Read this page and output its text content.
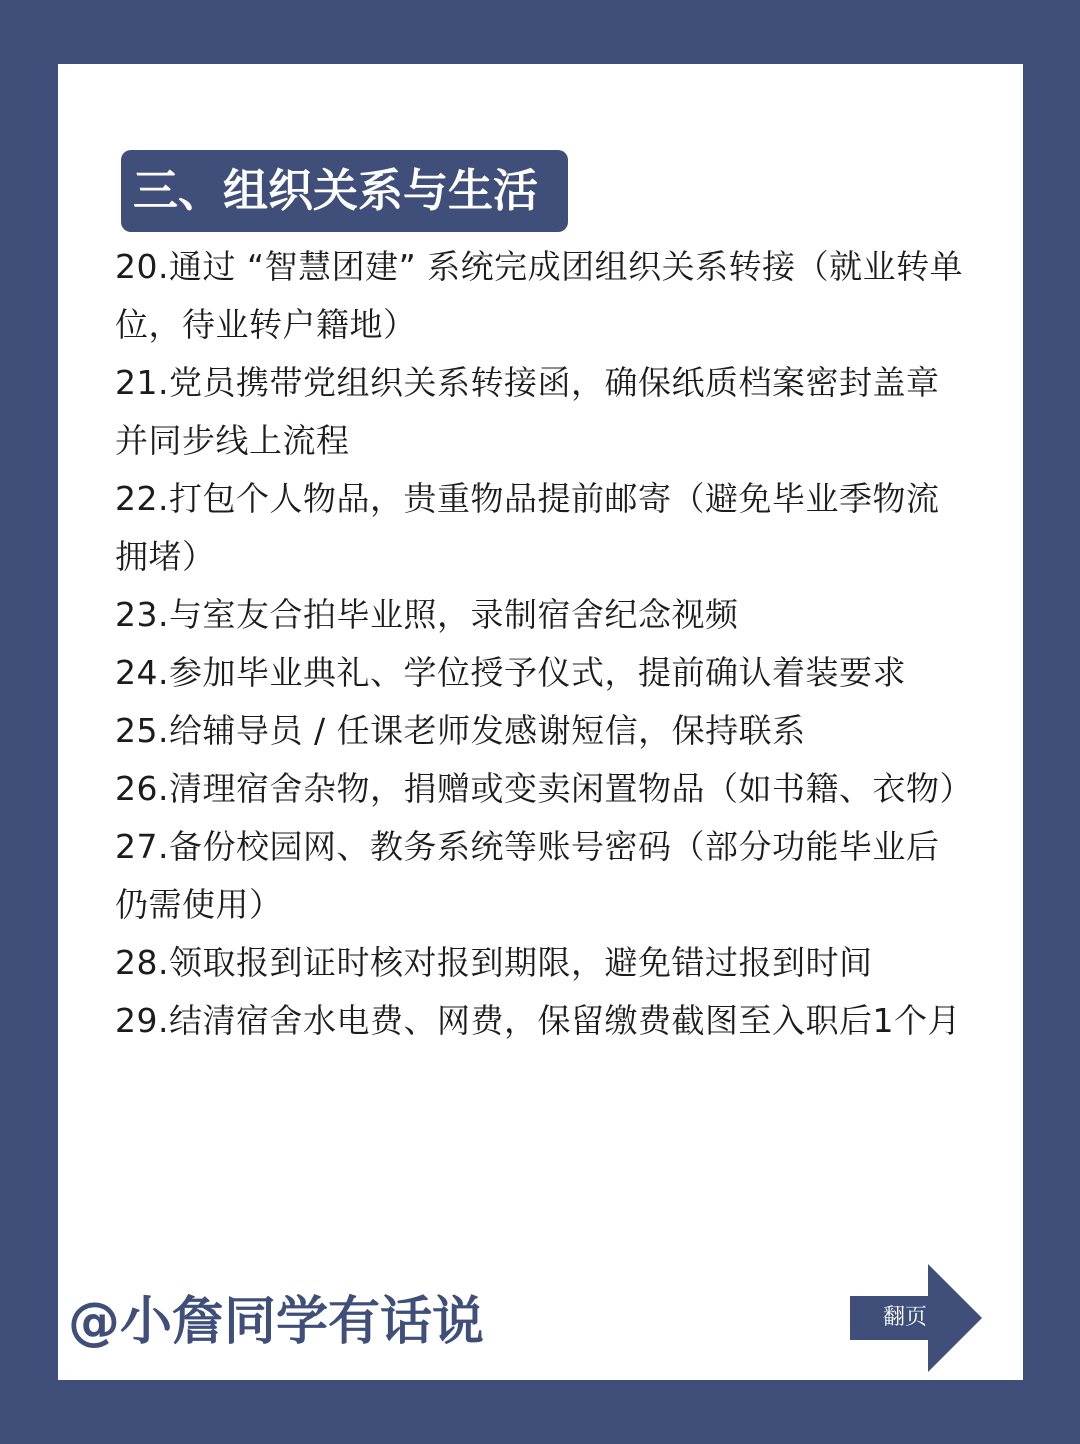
三、组织关系与生活
20.通过 “智慧团建” 系统完成团组织关系转接（就业转单位，待业转户籍地）
21.党员携带党组织关系转接函，确保纸质档案密封盖章并同步线上流程
22.打包个人物品，贵重物品提前邮寄（避免毕业季物流拥堵）
23.与室友合拍毕业照，录制宿舍纪念视频
24.参加毕业典礼、学位授予仪式，提前确认着装要求
25.给辅导员 / 任课老师发感谢短信，保持联系
26.清理宿舍杂物，捐赠或变卖闲置物品（如书籍、衣物）
27.备份校园网、教务系统等账号密码（部分功能毕业后仍需使用）
28.领取报到证时核对报到期限，避免错过报到时间
29.结清宿舍水电费、网费，保留缴费截图至入职后1个月
@小詹同学有话说	翻页
